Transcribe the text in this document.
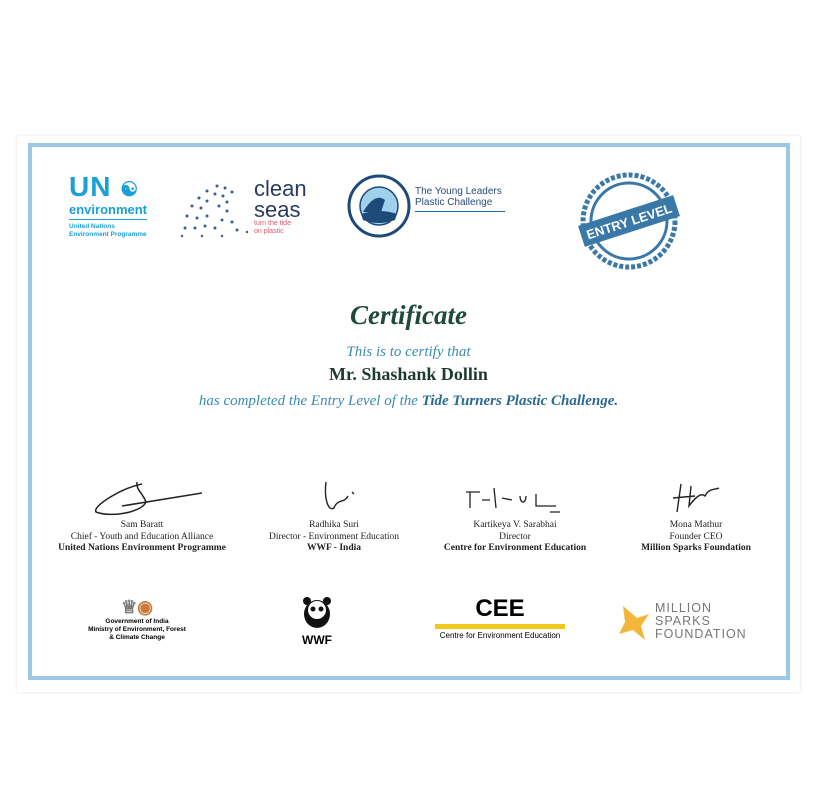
UN ☯
environment
United Nations
Environment Programme
clean
seas
turn the tide
on plastic
The Young Leaders Plastic Challenge	ENTRY LEVEL
Certificate
This is to certify that
Mr. Shashank Dollin
has completed the Entry Level of the Tide Turners Plastic Challenge.
Sam Baratt
Chief - Youth and Education Alliance
United Nations Environment Programme
Radhika Suri
Director - Environment Education
WWF - India
Kartikeya V. Sarabhai
Director
Centre for Environment Education
Mona Mathur
Founder CEO
Million Sparks Foundation
♕◉
Government of India
Ministry of Environment, Forest
& Climate Change	WWF
CEE
Centre for Environment Education
MILLION
SPARKS
FOUNDATION
